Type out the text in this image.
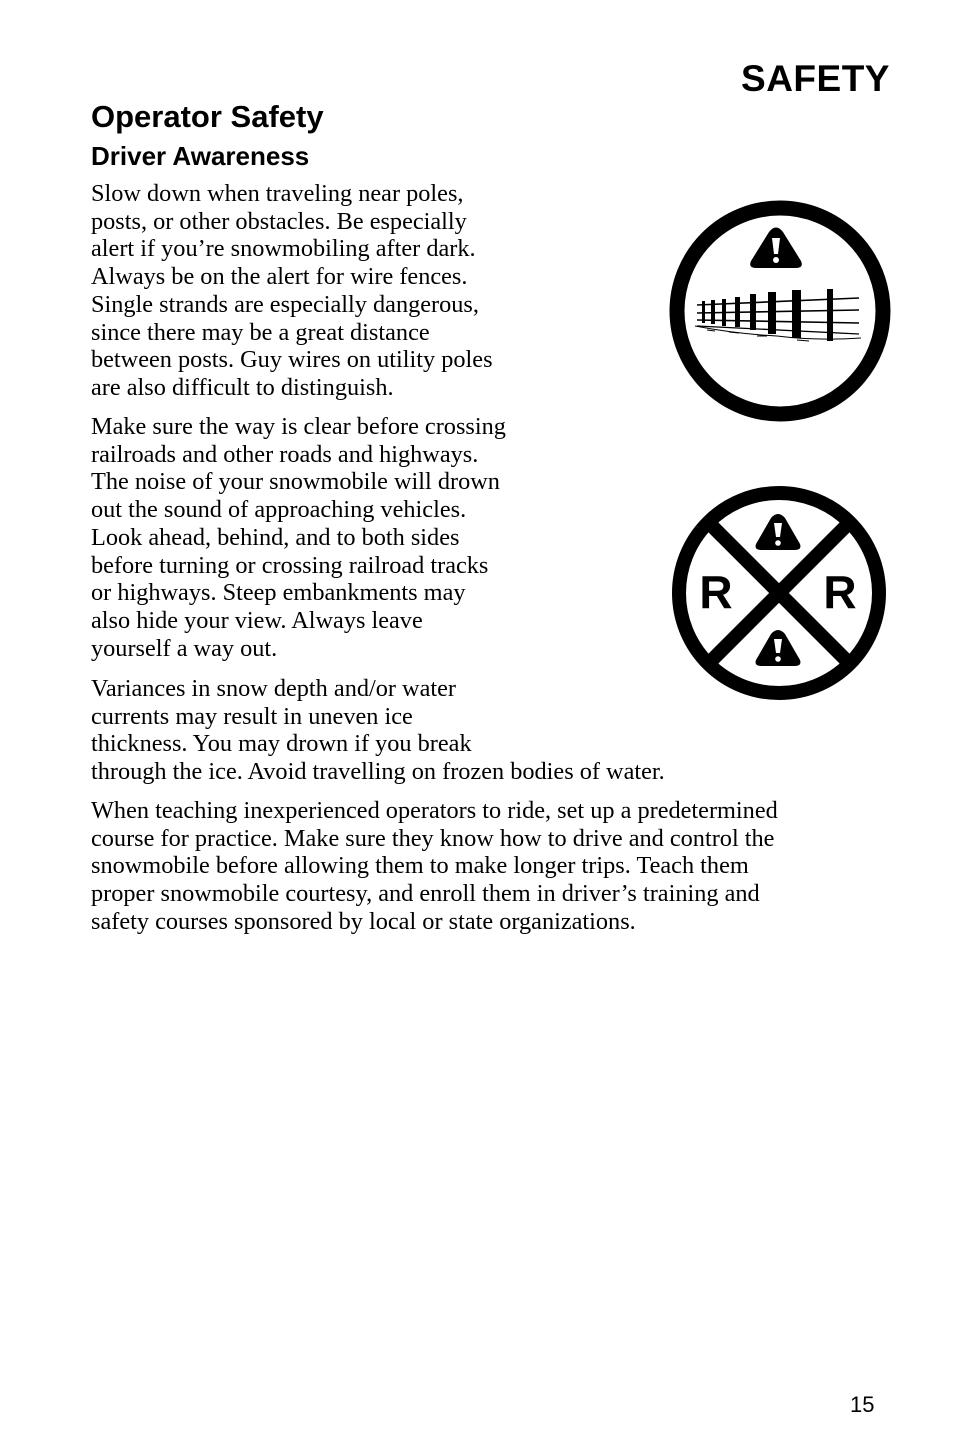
SAFETY
Operator Safety
Driver Awareness

Slow down when traveling near poles,
posts, or other obstacles. Be especially
alert if you’re snowmobiling after dark.
Always be on the alert for wire fences.
Single strands are especially dangerous,
since there may be a great distance
between posts. Guy wires on utility poles
are also difficult to distinguish.

Make sure the way is clear before crossing
railroads and other roads and highways.
The noise of your snowmobile will drown
out the sound of approaching vehicles.
Look ahead, behind, and to both sides
before turning or crossing railroad tracks
or highways. Steep embankments may
also hide your view. Always leave
yourself a way out.

Variances in snow depth and/or water
currents may result in uneven ice
thickness. You may drown if you break
through the ice. Avoid travelling on frozen bodies of water.

When teaching inexperienced operators to ride, set up a predetermined
course for practice. Make sure they know how to drive and control the
snowmobile before allowing them to make longer trips. Teach them
proper snowmobile courtesy, and enroll them in driver’s training and
safety courses sponsored by local or state organizations.

R R
15
